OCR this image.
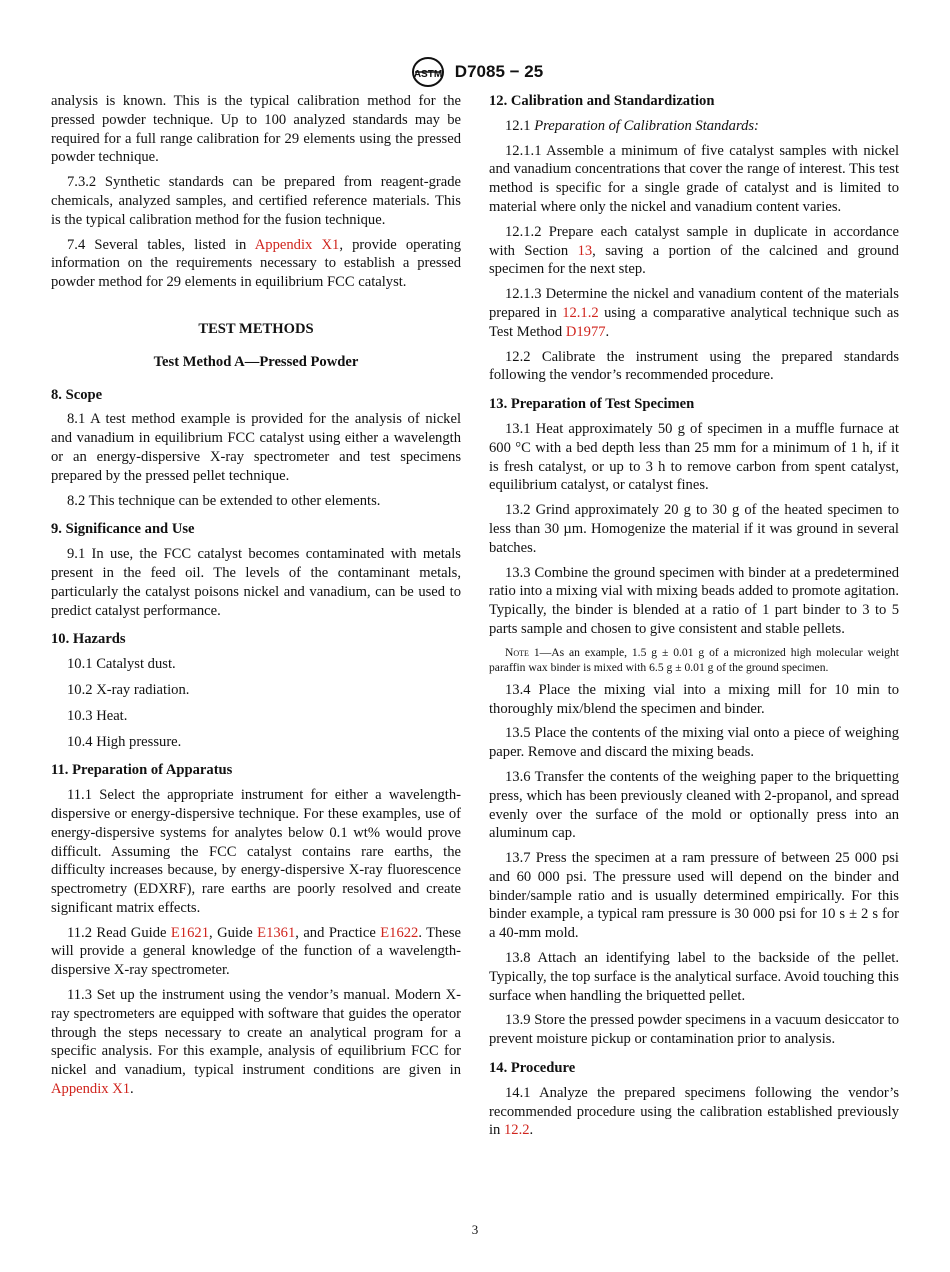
ASTM D7085 − 25

analysis is known. This is the typical calibration method for the pressed powder technique. Up to 100 analyzed standards may be required for a full range calibration for 29 elements using the pressed powder technique.

7.3.2 Synthetic standards can be prepared from reagent-grade chemicals, analyzed samples, and certified reference materials. This is the typical calibration method for the fusion technique.

7.4 Several tables, listed in Appendix X1, provide operating information on the requirements necessary to establish a pressed powder method for 29 elements in equilibrium FCC catalyst.

TEST METHODS
Test Method A—Pressed Powder
8. Scope

8.1 A test method example is provided for the analysis of nickel and vanadium in equilibrium FCC catalyst using either a wavelength or an energy-dispersive X-ray spectrometer and test specimens prepared by the pressed pellet technique.

8.2 This technique can be extended to other elements.

9. Significance and Use

9.1 In use, the FCC catalyst becomes contaminated with metals present in the feed oil. The levels of the contaminant metals, particularly the catalyst poisons nickel and vanadium, can be used to predict catalyst performance.

10. Hazards

10.1 Catalyst dust.

10.2 X-ray radiation.

10.3 Heat.

10.4 High pressure.

11. Preparation of Apparatus

11.1 Select the appropriate instrument for either a wavelength-dispersive or energy-dispersive technique. For these examples, use of energy-dispersive systems for analytes below 0.1 wt% would prove difficult. Assuming the FCC catalyst contains rare earths, the difficulty increases because, by energy-dispersive X-ray fluorescence spectrometry (EDXRF), rare earths are poorly resolved and create significant matrix effects.

11.2 Read Guide E1621, Guide E1361, and Practice E1622. These will provide a general knowledge of the function of a wavelength-dispersive X-ray spectrometer.

11.3 Set up the instrument using the vendor’s manual. Modern X-ray spectrometers are equipped with software that guides the operator through the steps necessary to create an analytical program for a specific analysis. For this example, analysis of equilibrium FCC for nickel and vanadium, typical instrument conditions are given in Appendix X1.

12. Calibration and Standardization

12.1 Preparation of Calibration Standards:

12.1.1 Assemble a minimum of five catalyst samples with nickel and vanadium concentrations that cover the range of interest. This test method is specific for a single grade of catalyst and is limited to material where only the nickel and vanadium content varies.

12.1.2 Prepare each catalyst sample in duplicate in accordance with Section 13, saving a portion of the calcined and ground specimen for the next step.

12.1.3 Determine the nickel and vanadium content of the materials prepared in 12.1.2 using a comparative analytical technique such as Test Method D1977.

12.2 Calibrate the instrument using the prepared standards following the vendor’s recommended procedure.

13. Preparation of Test Specimen

13.1 Heat approximately 50 g of specimen in a muffle furnace at 600 °C with a bed depth less than 25 mm for a minimum of 1 h, if it is fresh catalyst, or up to 3 h to remove carbon from spent catalyst, equilibrium catalyst, or catalyst fines.

13.2 Grind approximately 20 g to 30 g of the heated specimen to less than 30 µm. Homogenize the material if it was ground in several batches.

13.3 Combine the ground specimen with binder at a predetermined ratio into a mixing vial with mixing beads added to promote agitation. Typically, the binder is blended at a ratio of 1 part binder to 3 to 5 parts sample and chosen to give consistent and stable pellets.

Note 1—As an example, 1.5 g ± 0.01 g of a micronized high molecular weight paraffin wax binder is mixed with 6.5 g ± 0.01 g of the ground specimen.

13.4 Place the mixing vial into a mixing mill for 10 min to thoroughly mix/blend the specimen and binder.

13.5 Place the contents of the mixing vial onto a piece of weighing paper. Remove and discard the mixing beads.

13.6 Transfer the contents of the weighing paper to the briquetting press, which has been previously cleaned with 2-propanol, and spread evenly over the surface of the mold or optionally press into an aluminum cap.

13.7 Press the specimen at a ram pressure of between 25 000 psi and 60 000 psi. The pressure used will depend on the binder and binder/sample ratio and is usually determined empirically. For this binder example, a typical ram pressure is 30 000 psi for 10 s ± 2 s for a 40-mm mold.

13.8 Attach an identifying label to the backside of the pellet. Typically, the top surface is the analytical surface. Avoid touching this surface when handling the briquetted pellet.

13.9 Store the pressed powder specimens in a vacuum desiccator to prevent moisture pickup or contamination prior to analysis.

14. Procedure

14.1 Analyze the prepared specimens following the vendor’s recommended procedure using the calibration established previously in 12.2.

3
